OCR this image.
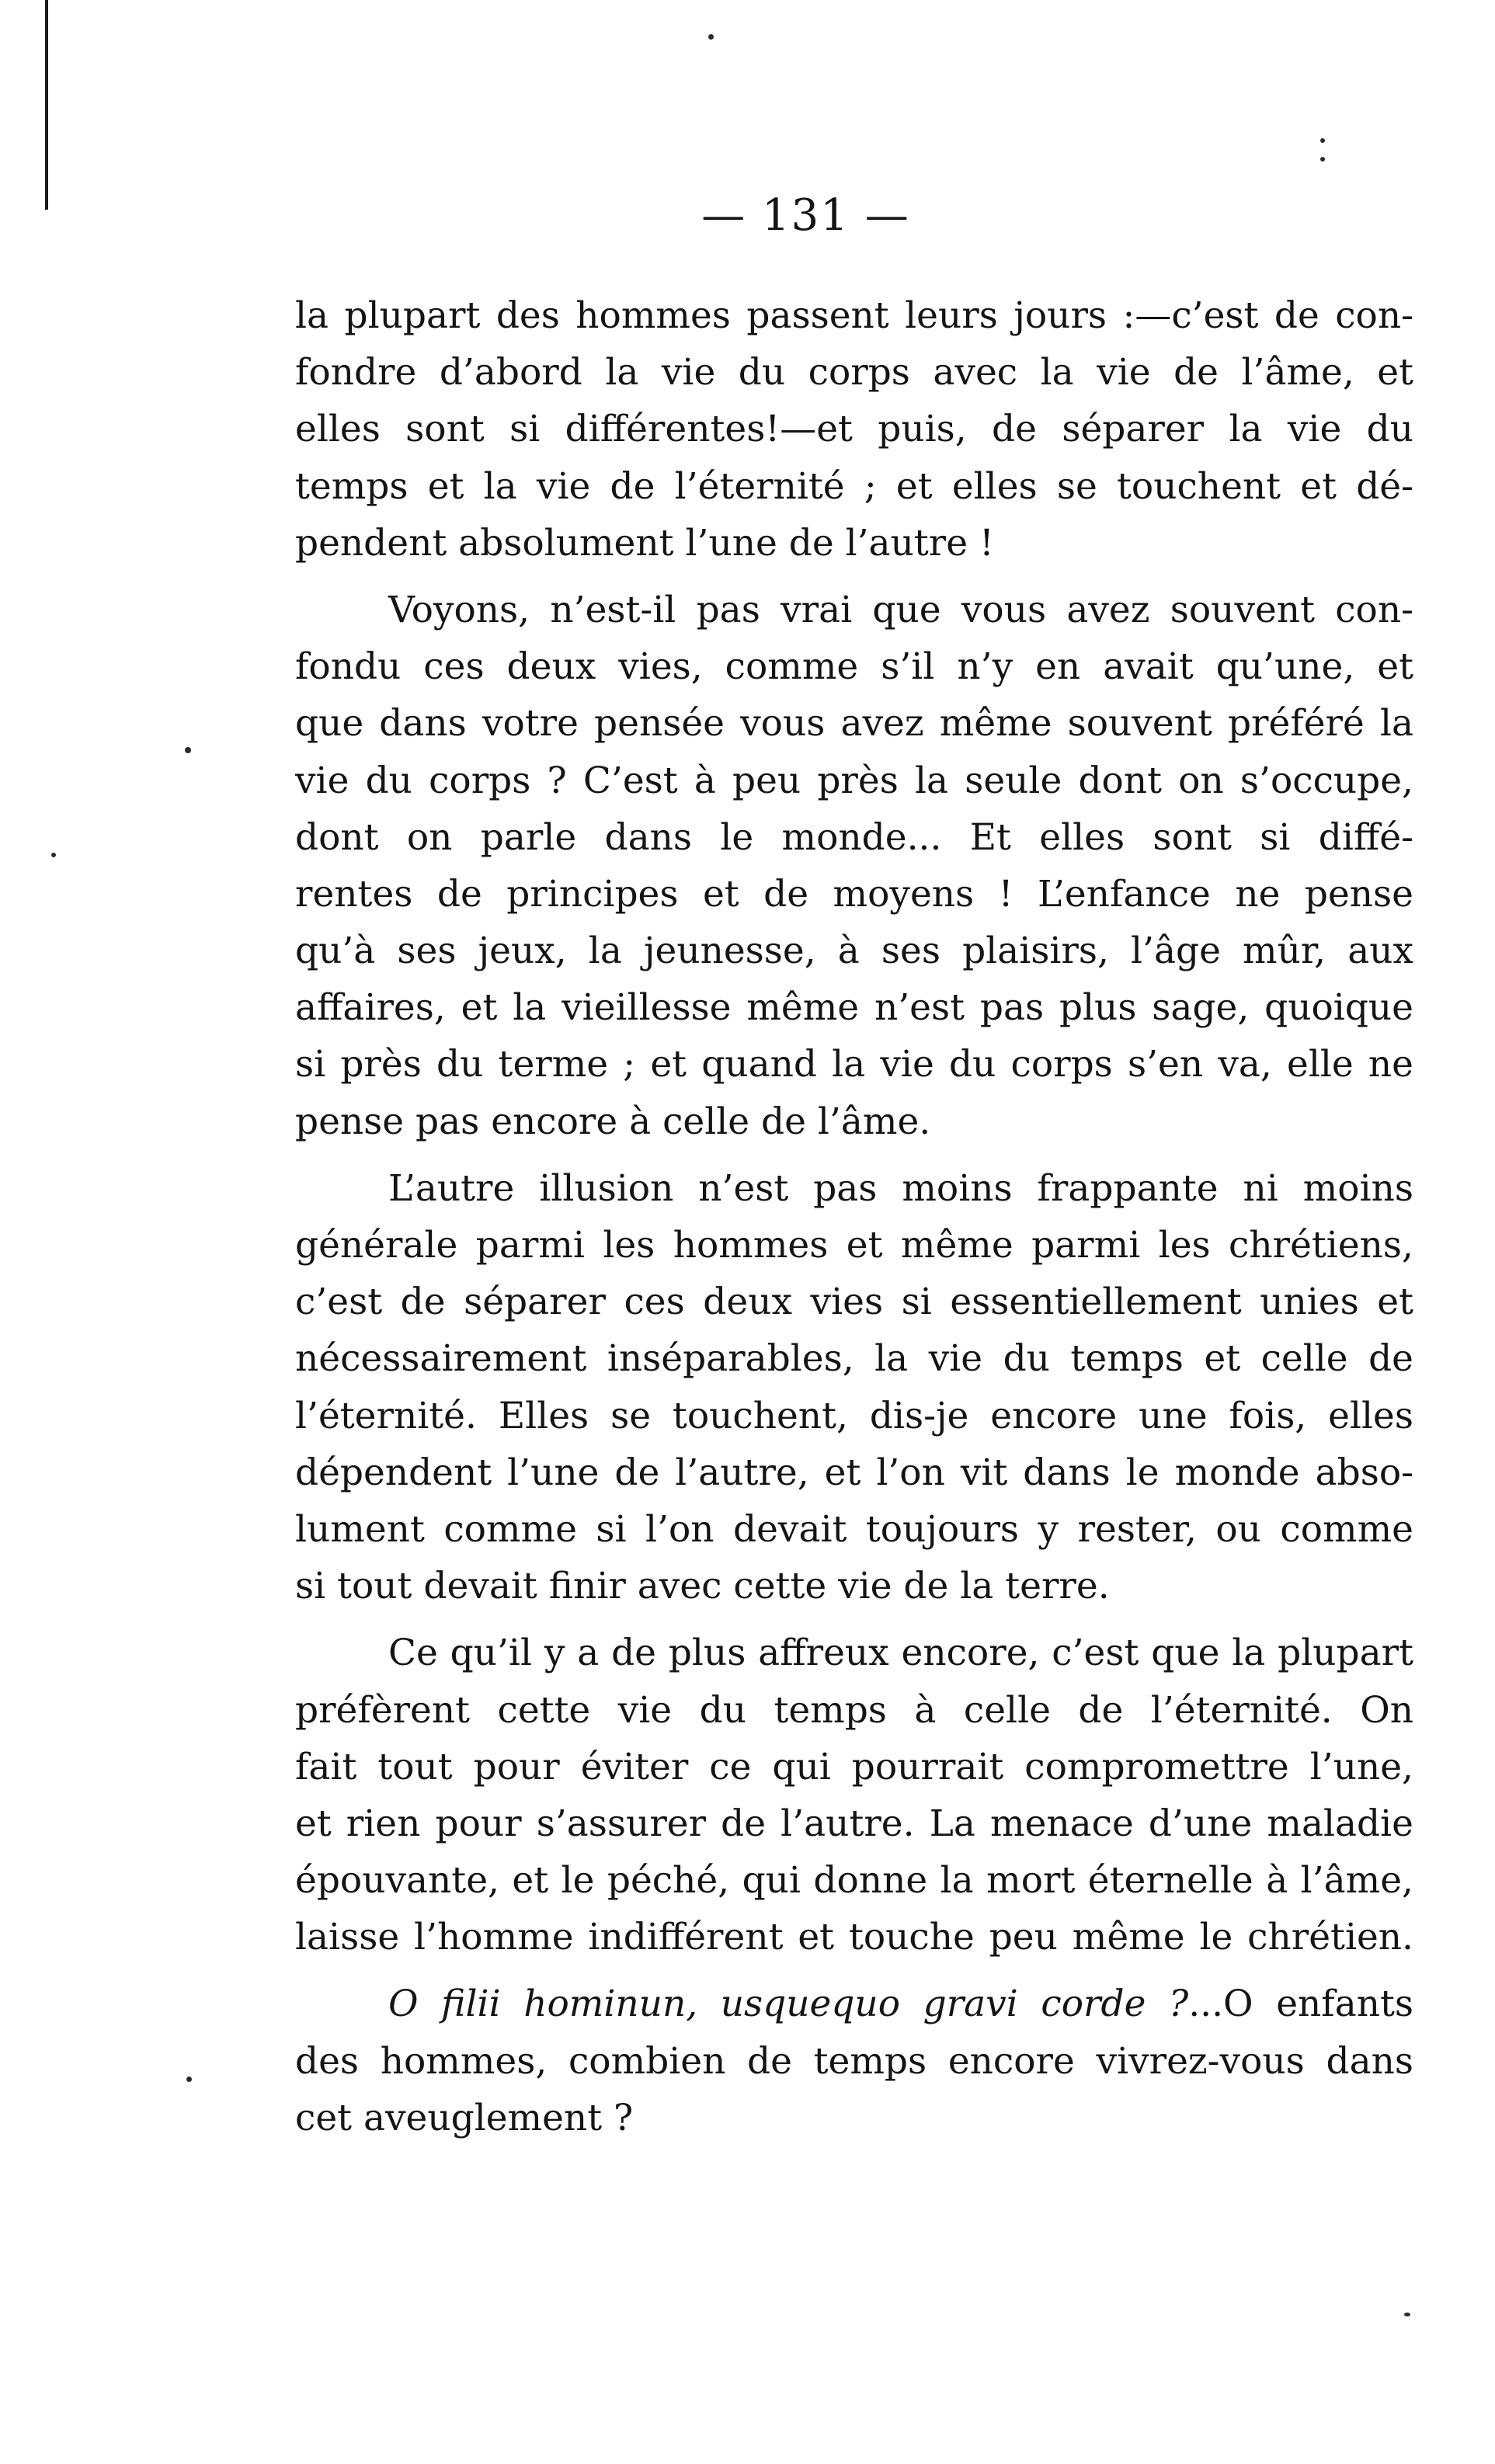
— 131 —
la plupart des hommes passent leurs jours :—c’est de con-
fondre d’abord la vie du corps avec la vie de l’âme, et
elles sont si différentes!—et puis, de séparer la vie du
temps et la vie de l’éternité ; et elles se touchent et dé-
pendent absolument l’une de l’autre !
Voyons, n’est-il pas vrai que vous avez souvent con-
fondu ces deux vies, comme s’il n’y en avait qu’une, et
que dans votre pensée vous avez même souvent préféré la
vie du corps ? C’est à peu près la seule dont on s’occupe,
dont on parle dans le monde... Et elles sont si diffé-
rentes de principes et de moyens ! L’enfance ne pense
qu’à ses jeux, la jeunesse, à ses plaisirs, l’âge mûr, aux
affaires, et la vieillesse même n’est pas plus sage, quoique
si près du terme ; et quand la vie du corps s’en va, elle ne
pense pas encore à celle de l’âme.
L’autre illusion n’est pas moins frappante ni moins
générale parmi les hommes et même parmi les chrétiens,
c’est de séparer ces deux vies si essentiellement unies et
nécessairement inséparables, la vie du temps et celle de
l’éternité. Elles se touchent, dis-je encore une fois, elles
dépendent l’une de l’autre, et l’on vit dans le monde abso-
lument comme si l’on devait toujours y rester, ou comme
si tout devait finir avec cette vie de la terre.
Ce qu’il y a de plus affreux encore, c’est que la plupart
préfèrent cette vie du temps à celle de l’éternité. On
fait tout pour éviter ce qui pourrait compromettre l’une,
et rien pour s’assurer de l’autre. La menace d’une maladie
épouvante, et le péché, qui donne la mort éternelle à l’âme,
laisse l’homme indifférent et touche peu même le chrétien.
O filii hominun, usquequo gravi corde ?...O enfants
des hommes, combien de temps encore vivrez-vous dans
cet aveuglement ?
